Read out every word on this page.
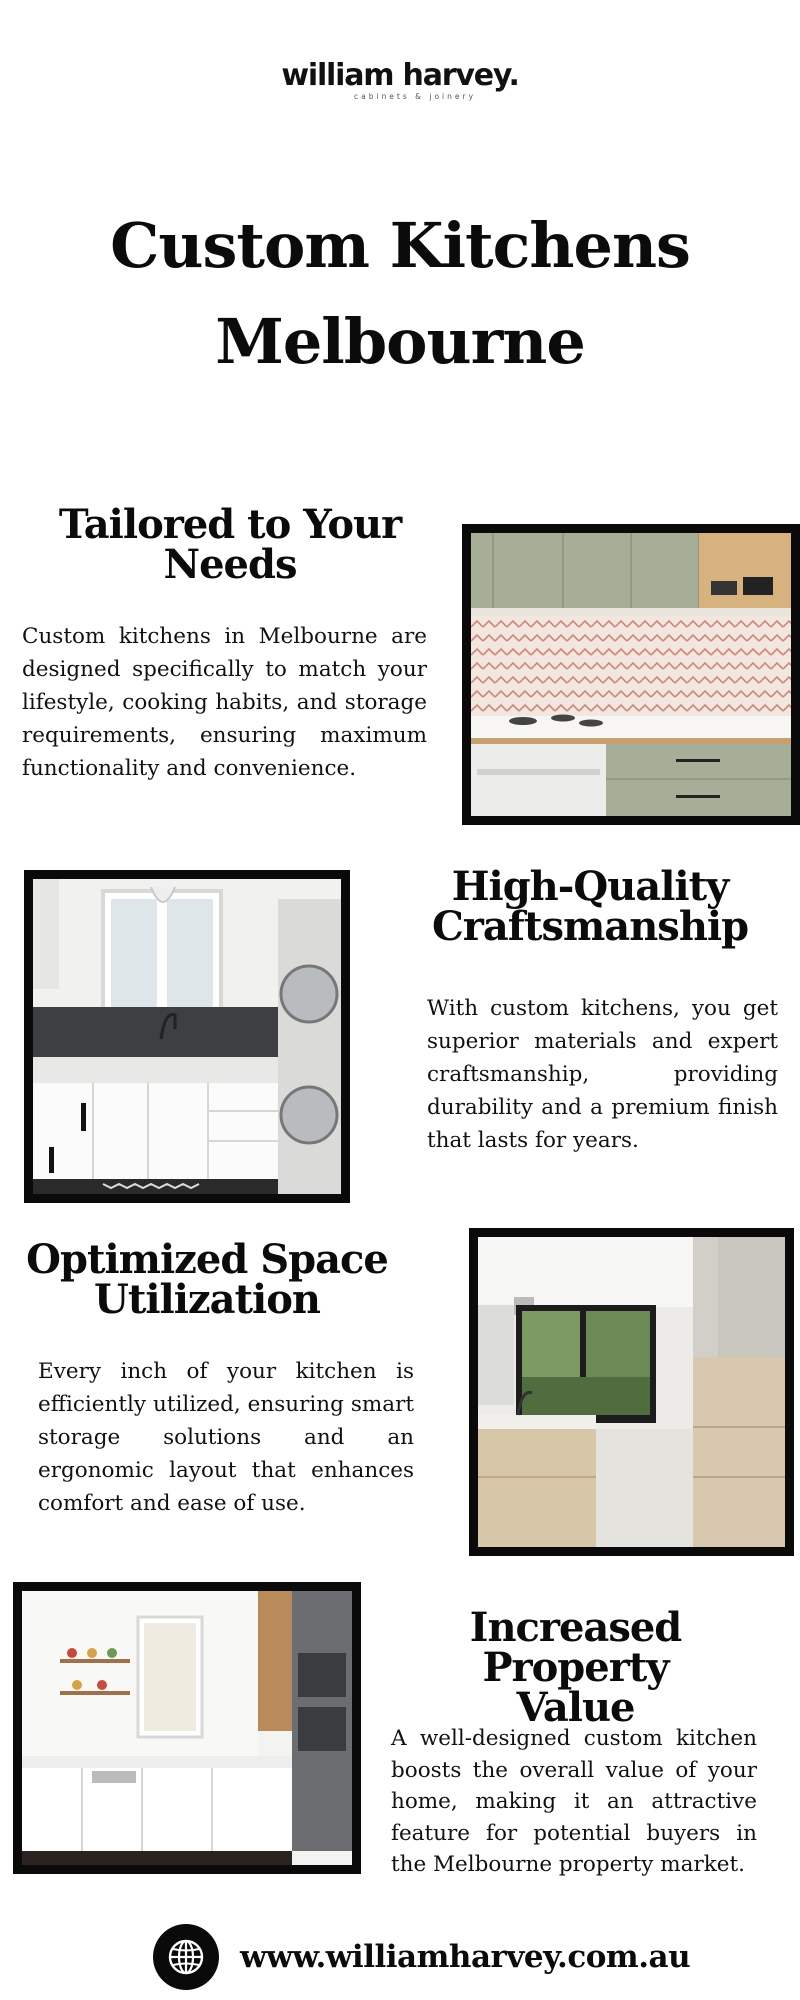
william harvey.
cabinets & joinery
Custom Kitchens
Melbourne
Tailored to Your
Needs
Custom kitchens in Melbourne are designed specifically to match your lifestyle, cooking habits, and storage requirements, ensuring maximum functionality and convenience.
High-Quality
Craftsmanship
With custom kitchens, you get superior materials and expert craftsmanship, providing durability and a premium finish that lasts for years.
Optimized Space
Utilization
Every inch of your kitchen is efficiently utilized, ensuring smart storage solutions and an ergonomic layout that enhances comfort and ease of use.
Increased Property
Value
A well-designed custom kitchen boosts the overall value of your home, making it an attractive feature for potential buyers in the Melbourne property market.
www.williamharvey.com.au
